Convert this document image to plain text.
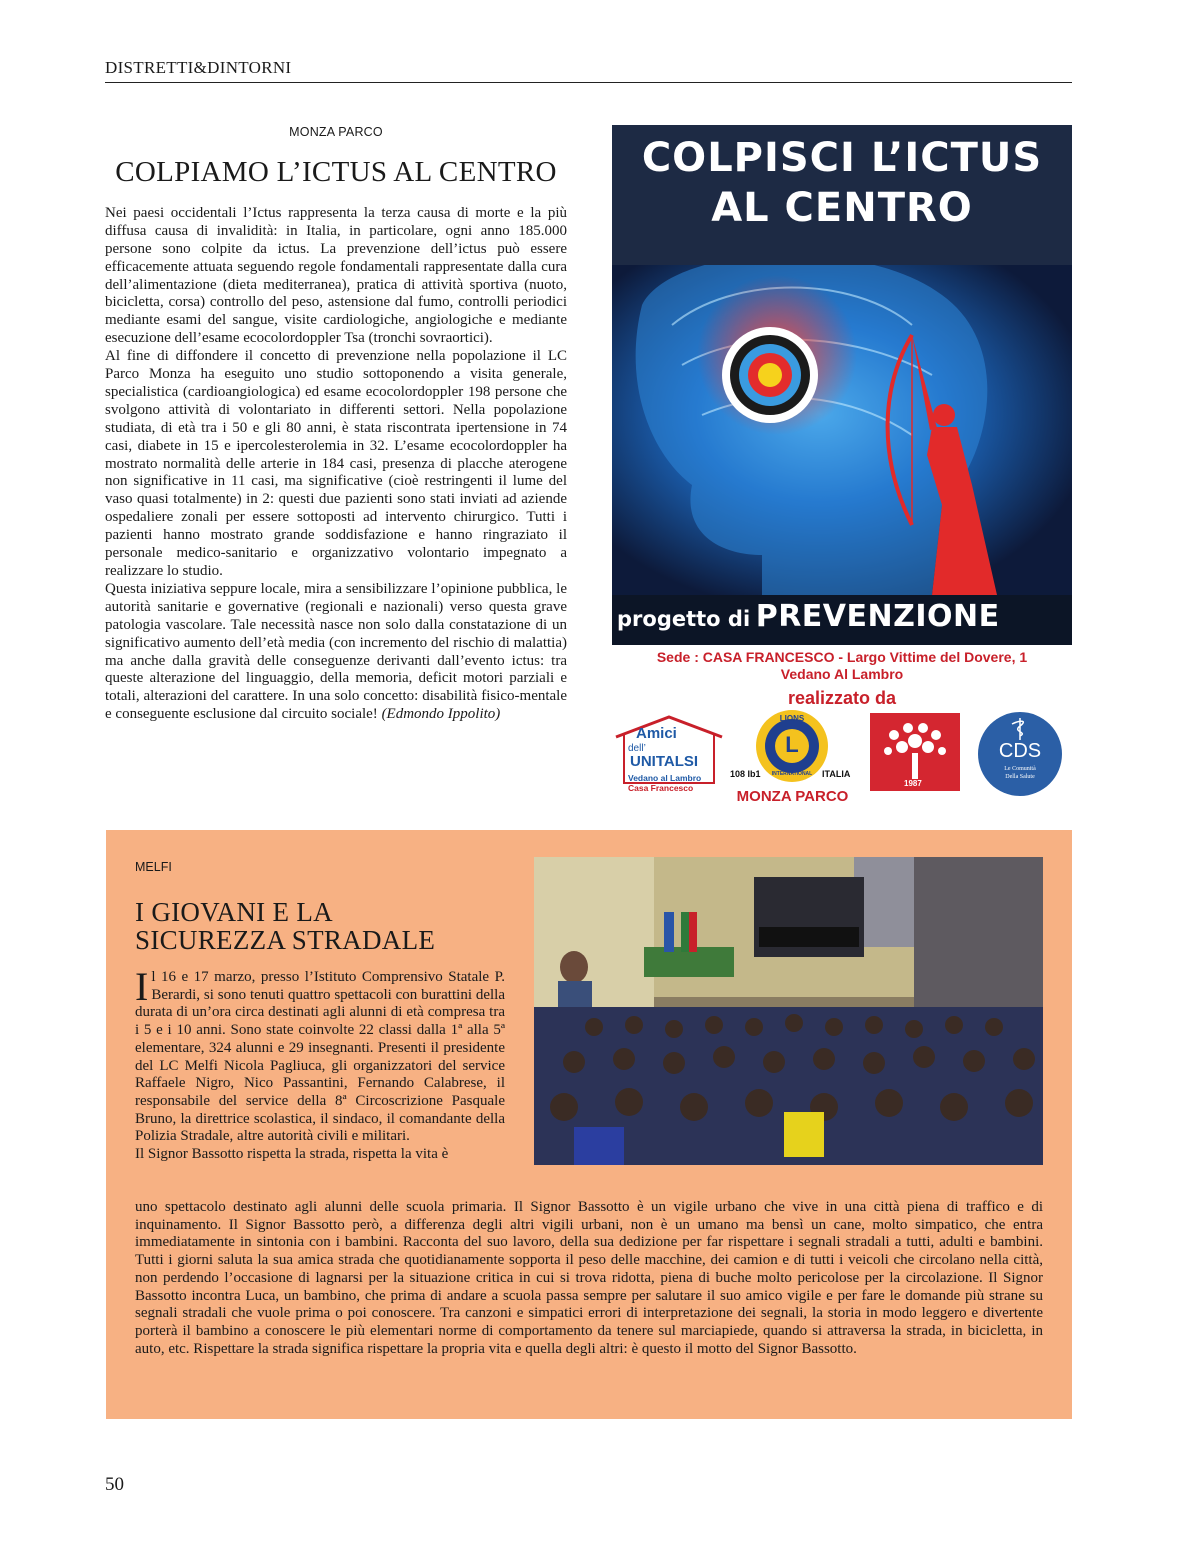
DISTRETTI&DINTORNI
MONZA PARCO
COLPIAMO L’ICTUS AL CENTRO

Nei paesi occidentali l’Ictus rappresenta la terza causa di morte e la più diffusa causa di invalidità: in Italia, in particolare, ogni anno 185.000 persone sono colpite da ictus. La prevenzione dell’ictus può essere efficacemente attuata seguendo regole fondamentali rappresentate dalla cura dell’alimentazione (dieta mediterranea), pratica di attività sportiva (nuoto, bicicletta, corsa) controllo del peso, astensione dal fumo, controlli periodici mediante esami del sangue, visite cardiologiche, angiologiche e mediante esecuzione dell’esame ecocolordoppler Tsa (tronchi sovraortici).

Al fine di diffondere il concetto di prevenzione nella popolazione il LC Parco Monza ha eseguito uno studio sottoponendo a visita generale, specialistica (cardioangiologica) ed esame ecocolordoppler 198 persone che svolgono attività di volontariato in differenti settori. Nella popolazione studiata, di età tra i 50 e gli 80 anni, è stata riscontrata ipertensione in 74 casi, diabete in 15 e ipercolesterolemia in 32. L’esame ecocolordoppler ha mostrato normalità delle arterie in 184 casi, presenza di placche aterogene non significative in 11 casi, ma significative (cioè restringenti il lume del vaso quasi totalmente) in 2: questi due pazienti sono stati inviati ad aziende ospedaliere zonali per essere sottoposti ad intervento chirurgico. Tutti i pazienti hanno mostrato grande soddisfazione e hanno ringraziato il personale medico-sanitario e organizzativo volontario impegnato a realizzare lo studio.

Questa iniziativa seppure locale, mira a sensibilizzare l’opinione pubblica, le autorità sanitarie e governative (regionali e nazionali) verso questa grave patologia vascolare. Tale necessità nasce non solo dalla constatazione di un significativo aumento dell’età media (con incremento del rischio di malattia) ma anche dalla gravità delle conseguenze derivanti dall’evento ictus: tra queste alterazione del linguaggio, della memoria, deficit motori parziali e totali, alterazioni del carattere. In una solo concetto: disabilità fisico-mentale e conseguente esclusione dal circuito sociale! (Edmondo Ippolito)

COLPISCI L’ICTUS
AL CENTRO
progetto di PREVENZIONE
Sede : CASA FRANCESCO - Largo Vittime del Dovere, 1
Vedano Al Lambro
realizzato da
Amici
dell’
UNITALSI
Vedano al Lambro
Casa Francesco
LIONS
INTERNATIONAL
L
108 Ib1	ITALIA
MONZA PARCO
1987
CDS
Le Comunità
Della Salute
MELFI
I GIOVANI E LA
SICUREZZA STRADALE

Il 16 e 17 marzo, presso l’Istituto Comprensivo Statale P. Berardi, si sono tenuti quattro spettacoli con burattini della durata di un’ora circa destinati agli alunni di età compresa tra i 5 e i 10 anni. Sono state coinvolte 22 classi dalla 1ª alla 5ª elementare, 324 alunni e 29 insegnanti. Presenti il presidente del LC Melfi Nicola Pagliuca, gli organizzatori del service Raffaele Nigro, Nico Passantini, Fernando Calabrese, il responsabile del service della 8ª Circoscrizione Pasquale Bruno, la direttrice scolastica, il sindaco, il comandante della Polizia Stradale, altre autorità civili e militari.

Il Signor Bassotto rispetta la strada, rispetta la vita è

uno spettacolo destinato agli alunni delle scuola primaria. Il Signor Bassotto è un vigile urbano che vive in una città piena di traffico e di inquinamento. Il Signor Bassotto però, a differenza degli altri vigili urbani, non è un umano ma bensì un cane, molto simpatico, che entra immediatamente in sintonia con i bambini. Racconta del suo lavoro, della sua dedizione per far rispettare i segnali stradali a tutti, adulti e bambini. Tutti i giorni saluta la sua amica strada che quotidianamente sopporta il peso delle macchine, dei camion e di tutti i veicoli che circolano nella città, non perdendo l’occasione di lagnarsi per la situazione critica in cui si trova ridotta, piena di buche molto pericolose per la circolazione. Il Signor Bassotto incontra Luca, un bambino, che prima di andare a scuola passa sempre per salutare il suo amico vigile e per fare le domande più strane su segnali stradali che vuole prima o poi conoscere. Tra canzoni e simpatici errori di interpretazione dei segnali, la storia in modo leggero e divertente porterà il bambino a conoscere le più elementari norme di comportamento da tenere sul marciapiede, quando si attraversa la strada, in bicicletta, in auto, etc. Rispettare la strada significa rispettare la propria vita e quella degli altri: è questo il motto del Signor Bassotto.

50
